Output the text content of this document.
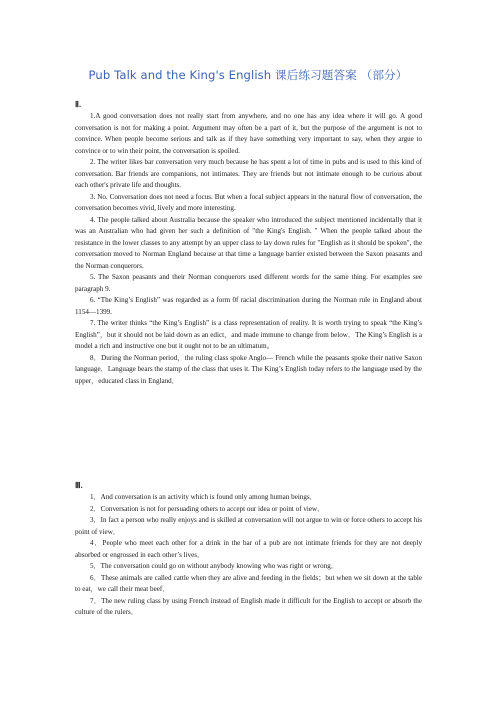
Pub Talk and the King's English 课后练习题答案 （部分）

Ⅱ.

1.A good conversation does not really start from anywhere, and no one has any idea where it will go. A good conversation is not for making a point. Argument may often be a part of it, but the purpose of the argument is not to convince. When people become serious and talk as if they have something very important to say, when they argue to convince or to win their point, the conversation is spoiled.

2. The writer likes bar conversation very much because he has spent a lot of time in pubs and is used to this kind of conversation. Bar friends are companions, not intimates. They are friends but not intimate enough to be curious about each other's private life and thoughts.

3. No. Conversation does not need a focus. But when a focal subject appears in the natural flow of conversation, the conversation becomes vivid, lively and more interesting.

4. The people talked about Australia because the speaker who introduced the subject mentioned incidentally that it was an Australian who had given her such a definition of "the King's English. " When the people talked about the resistance in the lower classes to any attempt by an upper class to lay down rules for "English as it should be spoken", the conversation moved to Norman England because at that time a language barrier existed between the Saxon peasants and the Norman conquerors.

5. The Saxon peasants and their Norman conquerors used different words for the same thing. For examples see paragraph 9.

6. “The King’s English” was regarded as a form 0f racial discrimination during the Norman rule in England about 1154—1399.

7. The writer thinks “the King’s English” is a class representation of reality. It is worth trying to speak “the King’s English”，but it should not be laid down as an edict，and made immune to change from below．The King’s English is a model a rich and instructive one but it ought not to be an ultimatum。

8．During the Norman period，the ruling class spoke Anglo— French while the peasants spoke their native Saxon language．Language bears the stamp of the class that uses it. The King’s English today refers to the language used by the upper，educated class in England．

Ⅲ.

1．And conversation is an activity which is found only among human beings．

2．Conversation is not for persuading others to accept our idea or point of view．

3．In fact a person who really enjoys and is skilled at conversation will not argue to win or force others to accept his point of view．

4．People who meet each other for a drink in the bar of a pub are not intimate friends for they are not deeply absorbed or engrossed in each other’s lives．

5．The conversation could go on without anybody knowing who was right or wrong．

6．These animals are called cattle when they are alive and feeding in the fields；but when we sit down at the table to eat，we call their meat beef．

7．The new ruling class by using French instead of English made it difficult for the English to accept or absorb the culture of the rulers．
